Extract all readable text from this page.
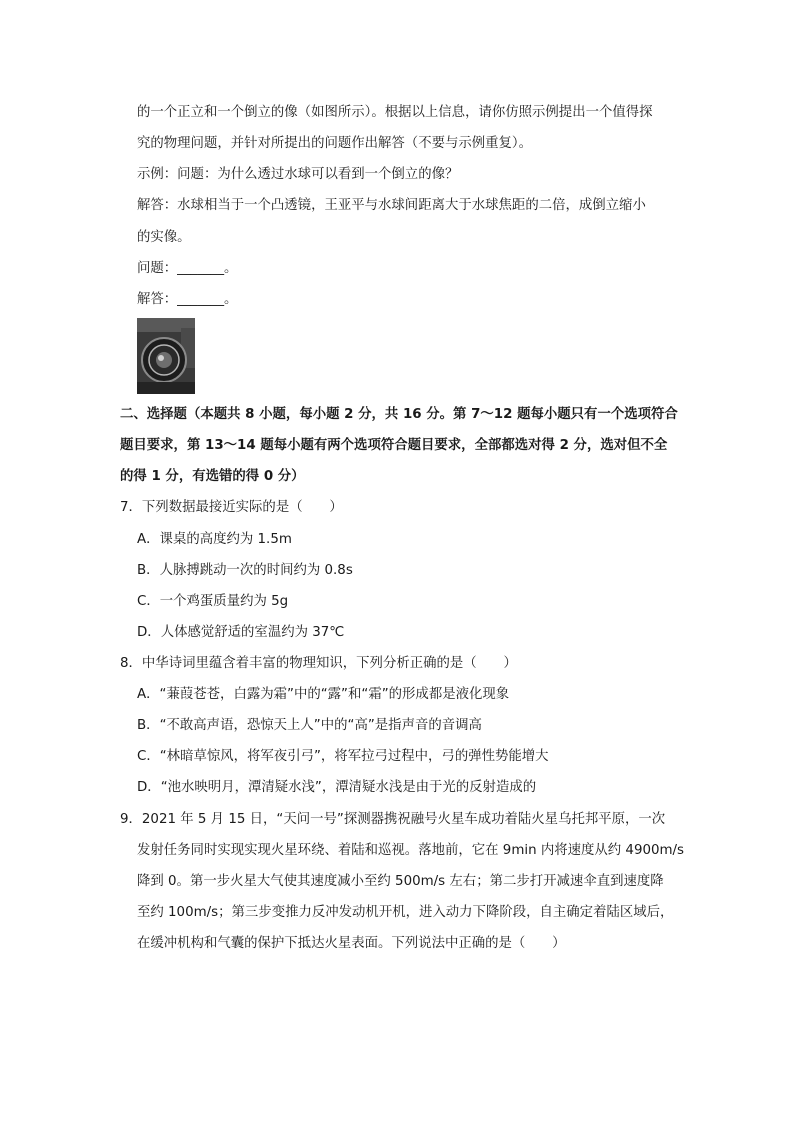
的一个正立和一个倒立的像（如图所示）。根据以上信息，请你仿照示例提出一个值得探
究的物理问题，并针对所提出的问题作出解答（不要与示例重复）。
示例：问题：为什么透过水球可以看到一个倒立的像？
解答：水球相当于一个凸透镜，王亚平与水球间距离大于水球焦距的二倍，成倒立缩小
的实像。
问题：_______。
解答：_______。
二、选择题（本题共 8 小题，每小题 2 分，共 16 分。第 7～12 题每小题只有一个选项符合
题目要求，第 13～14 题每小题有两个选项符合题目要求，全部都选对得 2 分，选对但不全
的得 1 分，有选错的得 0 分）
7．下列数据最接近实际的是（　　）
A．课桌的高度约为 1.5m
B．人脉搏跳动一次的时间约为 0.8s
C．一个鸡蛋质量约为 5g
D．人体感觉舒适的室温约为 37℃
8．中华诗词里蕴含着丰富的物理知识，下列分析正确的是（　　）
A．“蒹葭苍苍，白露为霜”中的“露”和“霜”的形成都是液化现象
B．“不敢高声语，恐惊天上人”中的“高”是指声音的音调高
C．“林暗草惊风，将军夜引弓”，将军拉弓过程中，弓的弹性势能增大
D．“池水映明月，潭清疑水浅”，潭清疑水浅是由于光的反射造成的
9．2021 年 5 月 15 日，“天问一号”探测器携祝融号火星车成功着陆火星乌托邦平原，一次
发射任务同时实现实现火星环绕、着陆和巡视。落地前，它在 9min 内将速度从约 4900m/s
降到 0。第一步火星大气使其速度减小至约 500m/s 左右；第二步打开减速伞直到速度降
至约 100m/s；第三步变推力反冲发动机开机，进入动力下降阶段，自主确定着陆区域后，
在缓冲机构和气囊的保护下抵达火星表面。下列说法中正确的是（　　）
